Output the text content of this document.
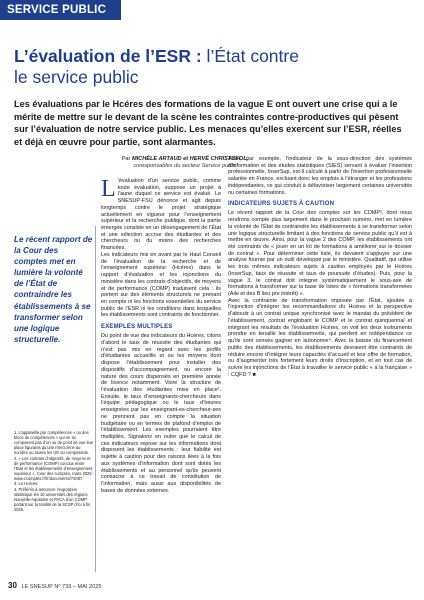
SERVICE PUBLIC
L’évaluation de l’ESR : l’État contre
le service public
Les évaluations par le Hcéres des formations de la vague E ont ouvert une crise qui a le mérite de mettre sur le devant de la scène les contraintes contre-productives qui pèsent sur l’évaluation de notre service public. Les menaces qu’elles exercent sur l’ESR, réelles et déjà en œuvre pour partie, sont alarmantes.
Par MICHÈLE ARTAUD et HERVÉ CHRISTOFOL,
coresponsables du secteur Service public
Le récent rapport de la Cour des comptes met en lumière la volonté de l’État de contraindre les établissements à se transformer selon une logique structurelle.

1. L’appareille par compétences » ou des blocs de compétences » qui ne se composent pas d’un ou de point de vue leur place figurants qu’une mercurerie au nombre ou toutes les UE ou composants.

2. « Les contrats d’objectifs, de moyens et de performance (COMP) conclus entre l’État et les établissements d’enseignement supérieur », Cour des comptes, mars 2025 : www.ccomptes.fr/fr/documents/74087.

3. Le Hcéres.

4. Préférés à annoncer l’exposition statistique les 10 universités des régions Nouvelle-Aquitaine et PACA d’un COMP portant sur la totalité de la SCSP d’ici à fin 2025.

L ’évaluation d’un service public, comme toute évaluation, suppose un projet à l’aune duquel ce service est évalué. Le SNESUP-FSU dénonce et agit depuis longtemps contre le projet stratégique actuellement en vigueur pour l’enseignement supérieur et la recherche publique, dont la partie émergée consiste en un désengagement de l’État et une sélection accrue des étudiantes et des chercheurs ou du moins des recherches financées.

Les indicateurs mis en avant par le Haut Conseil de l’évaluation de la recherche et de l’enseignement supérieur (Hcéres) dans le rapport d’évaluation et les injonctions du ministère dans les contrats d’objectifs, de moyens et de performance (COMP) traduisent cela : ils portent sur des éléments structurels ne prenant en compte ni les fonctions essentielles du service public de l’ESR ni les conditions dans lesquelles les établissements sont contraints de fonctionner.

EXEMPLES MULTIPLES

Du point de vue des indicateurs du Hcéres, citons d’abord le taux de réussite des étudiantes qui n’est pas mis en regard avec les profils d’étudiantes accueillis et ou les moyens dont dispose l’établissement pour installer des dispositifs d’accompagnement, ou encore la nature des cours dispensés en première année de licence notamment. Voire la structure de l’évaluation des étudiantes mise en place¹. Ensuite, le taux d’enseignants-chercheurs dans l’équipe pédagogique ou le taux d’heures enseignées par les enseignant-es-chercheur-ses ne prennent pas en compte la situation budgétaire ou en termes de plafond d’emploi de l’établissement. Les exemples pourraient être multipliés. Signalons en outre que le calcul de ces indicateurs repose sur les informations dont disposent les établissements : leur fiabilité est sujette à caution pour des raisons liées à la fois aux systèmes d’information dont sont dotés les établissements et au personnel qu’ils peuvent consacrer à ce travail de constitution de l’information, mais aussi aux disponibilités de bases de données externes.

Ainsi, par exemple, l’indicateur de la sous-direction des systèmes d’information et des études statistiques (SIES) servant à évaluer l’insertion professionnelle, InserSup, est-il calculé à partir de l’insertion professionnelle salariée en France, excluant donc les emplois à l’étranger et les professions indépendantes, ce qui conduit à défavoriser largement certaines universités ou certaines formations.

INDICATEURS SUJETS À CAUTION

Le récent rapport de la Cour des comptes sur les COMP², dont nous rendrons compte plus largement dans le prochain numéro, met en lumière la volonté de l’État de contraindre les établissements à se transformer selon une logique structurelle limitant à des fonctions de service public qu’il est à mettre en œuvre. Ainsi, pour la vague 2 des COMP, les établissements ont été contraints de « jouer en un lot de formations à améliorer sur le dossier de contrat ». Pour déterminer cette liste, ils devaient s’appuyer sur une analyse fournie par un outil développé par le ministère. Qualitatif, qui utilise les trois mêmes indicateurs sujets à caution employés par le Hcéres (InserSup, taux de réussite et taux de poursuite d’études). Puis, pour la vague 3, le contrat doit intégrer systématiquement le sous-axe de formations à transformer sur la base de listes de « formations transformées (Aile et des B lieu pre intérêt) ».

Avec la contrainte de transformation imposée par l’État, ajoutée à l’injonction d’intégrer les recommandations du Hcéres et la perspective d’aboutir à un contrat unique synchronisé avec le mandat du président de l’établissement, contrat englobant le COMP et le contrat quinquennal et intégrant les résultats de l’évaluation Hcéres, on voit les deux instruments prendre en tenaille les établissements, qui perdent en indépendance ce qu’ils sont censés gagner en autonomie⁴. Avec la baisse du financement public des établissements, les établissements devraient être contraints de réduire encore d’intégrer leurs capacités d’accueil et leur offre de formation, ou d’augmenter très fortement leurs droits d’inscription, et en tout cas de suivre les injonctions de l’État à travailler le service public « à la française » : CQFD ? ■

30 LE SNESUP Nº 733 – MAI 2025
